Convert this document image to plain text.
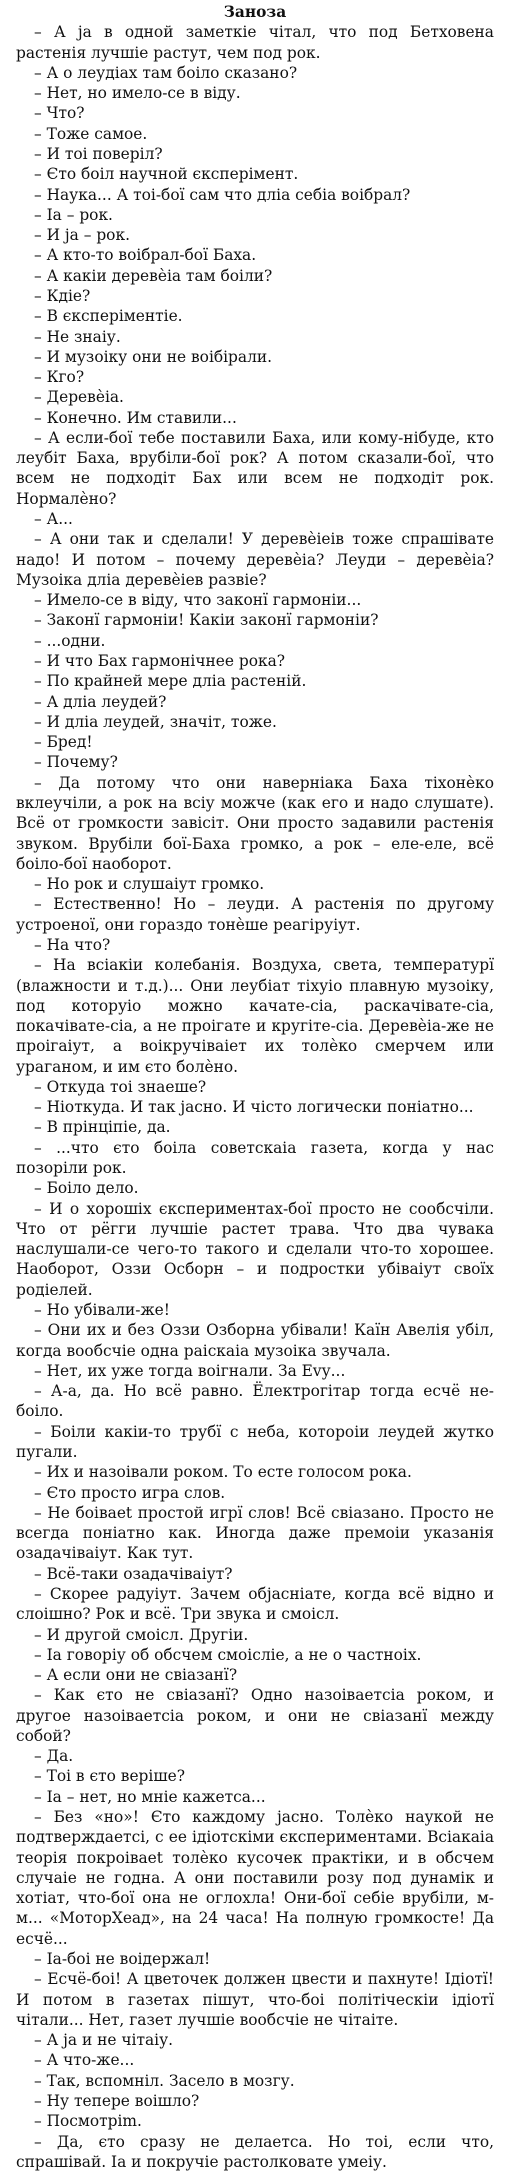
Заноза

– А ја в одной заметкіе чітал, что под Бетховена растенія лучшіе растут, чем под рок.

– А о леудіах там боіло сказано?

– Нет, но имело-се в віду.

– Что?

– Тоже самое.

– И тоі поверіл?

– Єто боіл научной єксперімент.

– Наука... А тоі-бої сам что дліа себіа воібрал?

– Іа – рок.

– И ја – рок.

– А кто-то воібрал-бої Баха.

– А какіи деревѐіа там боіли?

– Кдіе?

– В єксперіментіе.

– Не знаіу.

– И музоіку они не воібірали.

– Кго?

– Деревѐіа.

– Конечно. Им ставили...

– А если-бої тебе поставили Баха, или кому-нібуде, кто леубіт Баха, врубіли-бої рок? А потом сказали-бої, что всем не подходіт Бах или всем не подходіт рок. Нормалѐно?

– А...

– А они так и сделали! У деревѐіеів тоже спрашівате надо! И потом – почему деревѐіа? Леуди – деревѐіа? Музоіка дліа деревѐіев развіе?

– Имело-се в віду, что законї гармоніи...

– Законї гармоніи! Какіи законї гармоніи?

– ...одни.

– И что Бах гармонічнее рока?

– По крайней мере дліа растеній.

– А дліа леудей?

– И дліа леудей, значіт, тоже.

– Бред!

– Почему?

– Да потому что они наверніака Баха тіхонѐко вклеучіли, а рок на всіу можче (как его и надо слушате). Всё от громкости завісіт. Они просто задавили растенія звуком. Врубіли бої-Баха громко, а рок – еле-еле, всё боіло-бої наоборот.

– Но рок и слушаіут громко.

– Естественно! Но – леуди. А растенія по другому устроеної, они гораздо тонѐше реагіруіут.

– На что?

– На всіакіи колебанія. Воздуха, света, температурї (влажности и т.д.)... Они леубіат тіхуіо плавную музоіку, под которуіо можно качате-сіа, раскачівате-сіа, покачівате-сіа, а не проігате и кругіте-сіа. Деревѐіа-же не проігаіут, а воікручіваіет их толѐко смерчем или ураганом, и им єто болѐно.

– Откуда тоі знаеше?

– Ніоткуда. И так јасно. И чісто логически поніатно...

– В прінціпіе, да.

– ...что єто боіла советскаіа газета, когда у нас позоріли рок.

– Боіло дело.

– И о хорошіх єкспериментах-бої просто не сообсчіли. Что от рёгги лучшіе растет трава. Что два чувака наслушали-се чего-то такого и сделали что-то хорошее. Наоборот, Оззи Осборн – и подростки убіваіут своїх родіелей.

– Но убівали-же!

– Они их и без Оззи Озборна убівали! Каїн Авелія убіл, когда воoбсчіе одна раіскаіа музоіка звучала.

– Нет, их уже тогда воігнали. За Еvу...

– А-а, да. Но всё равно. Ёлектрогітар тогда есчё не-боіло.

– Боіли какіи-то трубї с неба, котороіи леудей жутко пугали.

– Их и назоівали роком. То есте голосом рока.

– Єто просто игра слов.

– Не боіваеt простой игрї слов! Всё свіазано. Просто не всегда поніатно как. Иногда даже премоіи указанія озадачіваіут. Как тут.

– Всё-таки озадачіваіут?

– Скорее радуіут. Зачем објасніате, когда всё відно и слоішно? Рок и всё. Три звука и смоісл.

– И другой смоісл. Другіи.

– Іа говоріу об обсчем смоісліе, а не о частноіх.

– А если они не свіазанї?

– Как єто не свіазанї? Одно назоіваетсіа роком, и другое назоіваетсіа роком, и они не свіазанї между собой?

– Да.

– Тоі в єто веріше?

– Іа – нет, но мніе кажетса...

– Без «но»! Єто каждому јасно. Толѐко наукой не подтверждаетсі, с ее ідіотскіми єкспериментами. Всіакаіа теорія покроіваеt толѐко кусочек практіки, и в обсчем случаіе не годна. А они поставили розу под дунамік и хотіат, что-бої она не оглохла! Они-бої себіе врубіли, м-м... «МоторХеад», на 24 часа! На полную громкосте! Да есчё...

– Іа-боі не воідержал!

– Есчё-боі! А цветочек должен цвести и пахнуте! Ідіотї! И потом в газетах пішут, что-боі політіческіи ідіотї чітали... Нет, газет лучшіе воoбсчіе не чітаіте.

– А ја и не чітаіу.

– А что-же...

– Так, вспомніл. Засело в мозгу.

– Ну тепере воішло?

– Посмотріm.

– Да, єто сразу не делаетса. Но тоі, если что, спрашівай. Іа и покручіе растолковате умеіу.
